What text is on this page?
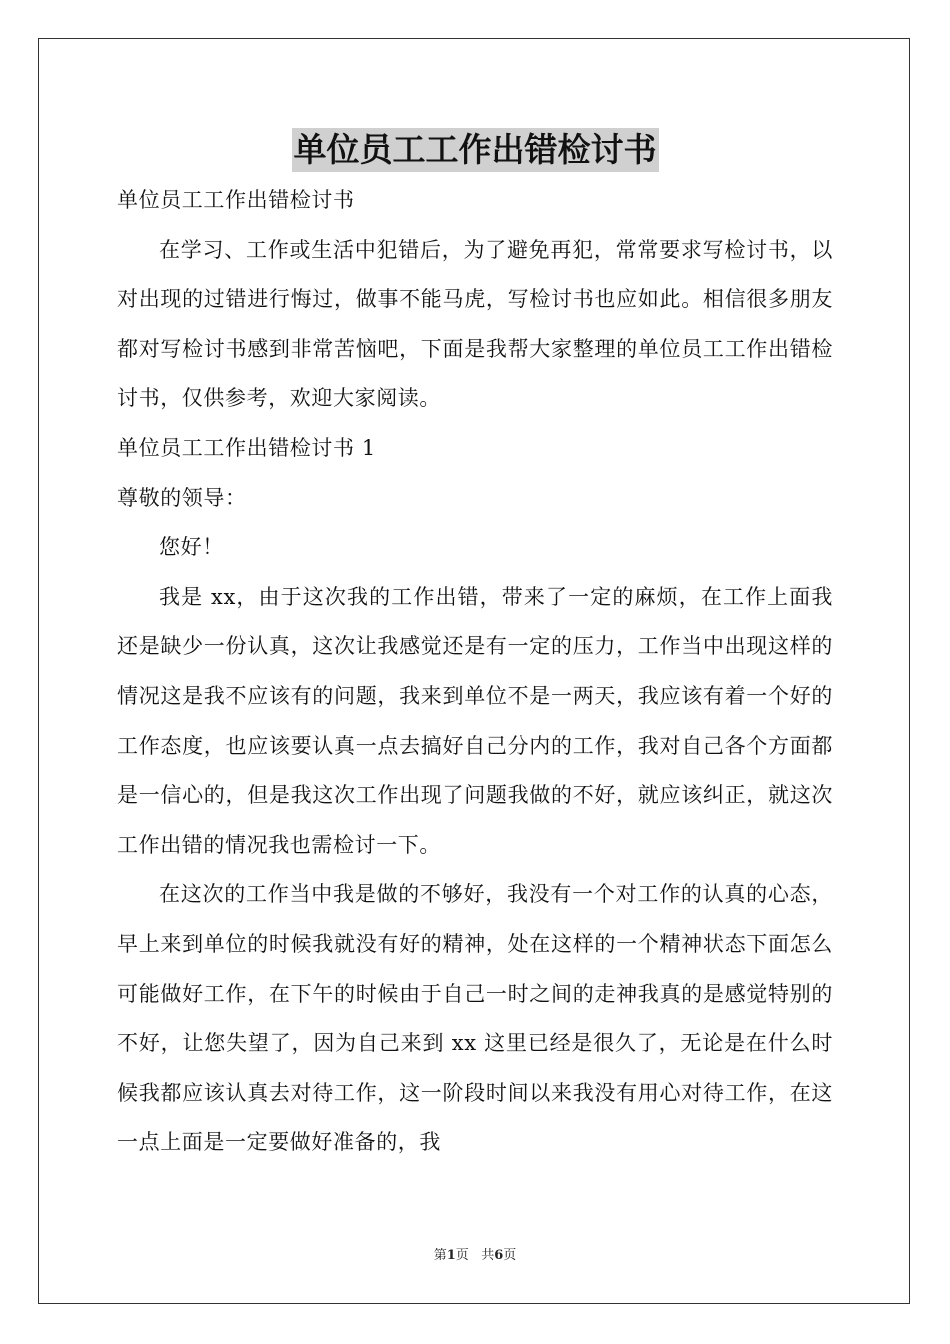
单位员工工作出错检讨书

单位员工工作出错检讨书

在学习、工作或生活中犯错后，为了避免再犯，常常要求写检讨书，以对出现的过错进行悔过，做事不能马虎，写检讨书也应如此。相信很多朋友都对写检讨书感到非常苦恼吧，下面是我帮大家整理的单位员工工作出错检讨书，仅供参考，欢迎大家阅读。

单位员工工作出错检讨书 1

尊敬的领导：

您好！

我是 xx，由于这次我的工作出错，带来了一定的麻烦，在工作上面我还是缺少一份认真，这次让我感觉还是有一定的压力，工作当中出现这样的情况这是我不应该有的问题，我来到单位不是一两天，我应该有着一个好的工作态度，也应该要认真一点去搞好自己分内的工作，我对自己各个方面都是一信心的，但是我这次工作出现了问题我做的不好，就应该纠正，就这次工作出错的情况我也需检讨一下。

在这次的工作当中我是做的不够好，我没有一个对工作的认真的心态，早上来到单位的时候我就没有好的精神，处在这样的一个精神状态下面怎么可能做好工作，在下午的时候由于自己一时之间的走神我真的是感觉特别的不好，让您失望了，因为自己来到 xx 这里已经是很久了，无论是在什么时候我都应该认真去对待工作，这一阶段时间以来我没有用心对待工作，在这一点上面是一定要做好准备的，我

第1页 共6页
